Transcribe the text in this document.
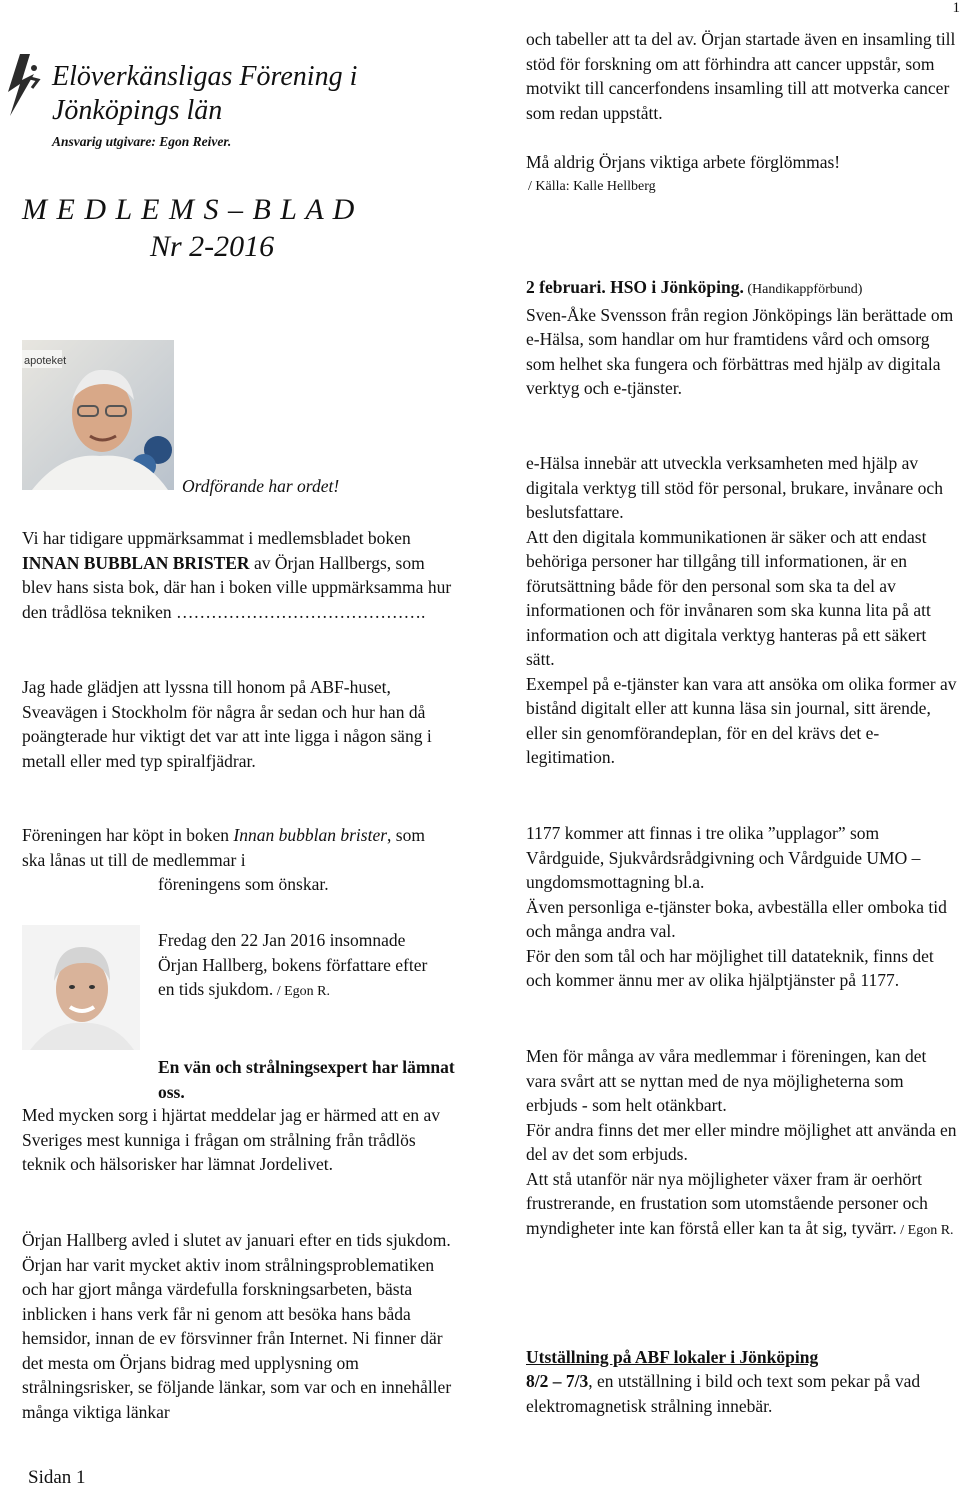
1
Elöverkänsligas Förening i
Jönköpings län
Ansvarig utgivare: Egon Reiver.
M E D L E M S – B L A D
Nr 2-2016
apoteket
Ordförande har ordet!

Vi har tidigare uppmärksammat i medlemsbladet boken INNAN BUBBLAN BRISTER av Örjan Hallbergs, som blev hans sista bok, där han i boken ville uppmärksamma hur den trådlösa tekniken …………………………………….

Jag hade glädjen att lyssna till honom på ABF-huset, Sveavägen i Stockholm för några år sedan och hur han då poängterade hur viktigt det var att inte ligga i någon säng i metall eller med typ spiralfjädrar.

Föreningen har köpt in boken Innan bubblan brister, som ska lånas ut till de medlemmar i

föreningens som önskar.

Fredag den 22 Jan 2016 insomnade Örjan Hallberg, bokens författare efter en tids sjukdom. / Egon R.

En vän och strålningsexpert har lämnat oss.

Med mycken sorg i hjärtat meddelar jag er härmed att en av Sveriges mest kunniga i frågan om strålning från trådlös teknik och hälsorisker har lämnat Jordelivet.

Örjan Hallberg avled i slutet av januari efter en tids sjukdom. Örjan har varit mycket aktiv inom strålningsproblematiken och har gjort många värdefulla forskningsarbeten, bästa inblicken i hans verk får ni genom att besöka hans båda hemsidor, innan de ev försvinner från Internet. Ni finner där det mesta om Örjans bidrag med upplysning om strålningsrisker, se följande länkar, som var och en innehåller många viktiga länkar

Sidan 1

och tabeller att ta del av. Örjan startade även en insamling till stöd för forskning om att förhindra att cancer uppstår, som motvikt till cancerfondens insamling till att motverka cancer som redan uppstått.

Må aldrig Örjans viktiga arbete förglömmas!

/ Källa: Kalle Hellberg

2 februari. HSO i Jönköping. (Handikappförbund)
Sven-Åke Svensson från region Jönköpings län berättade om e-Hälsa, som handlar om hur framtidens vård och omsorg som helhet ska fungera och förbättras med hjälp av digitala verktyg och e-tjänster.

e-Hälsa innebär att utveckla verksamheten med hjälp av digitala verktyg till stöd för personal, brukare, invånare och beslutsfattare.
Att den digitala kommunikationen är säker och att endast behöriga personer har tillgång till informationen, är en förutsättning både för den personal som ska ta del av informationen och för invånaren som ska kunna lita på att information och att digitala verktyg hanteras på ett säkert sätt.
Exempel på e-tjänster kan vara att ansöka om olika former av bistånd digitalt eller att kunna läsa sin journal, sitt ärende, eller sin genomförandeplan, för en del krävs det e-legitimation.

1177 kommer att finnas i tre olika ”upplagor” som Vårdguide, Sjukvårdsrådgivning och Vårdguide UMO – ungdomsmottagning bl.a.
Även personliga e-tjänster boka, avbeställa eller omboka tid och många andra val.
För den som tål och har möjlighet till datateknik, finns det och kommer ännu mer av olika hjälptjänster på 1177.

Men för många av våra medlemmar i föreningen, kan det vara svårt att se nyttan med de nya möjligheterna som erbjuds - som helt otänkbart.
För andra finns det mer eller mindre möjlighet att använda en del av det som erbjuds.
Att stå utanför när nya möjligheter växer fram är oerhört frustrerande, en frustation som utomstående personer och myndigheter inte kan förstå eller kan ta åt sig, tyvärr. / Egon R.

Utställning på ABF lokaler i Jönköping

8/2 – 7/3, en utställning i bild och text som pekar på vad elektromagnetisk strålning innebär.
